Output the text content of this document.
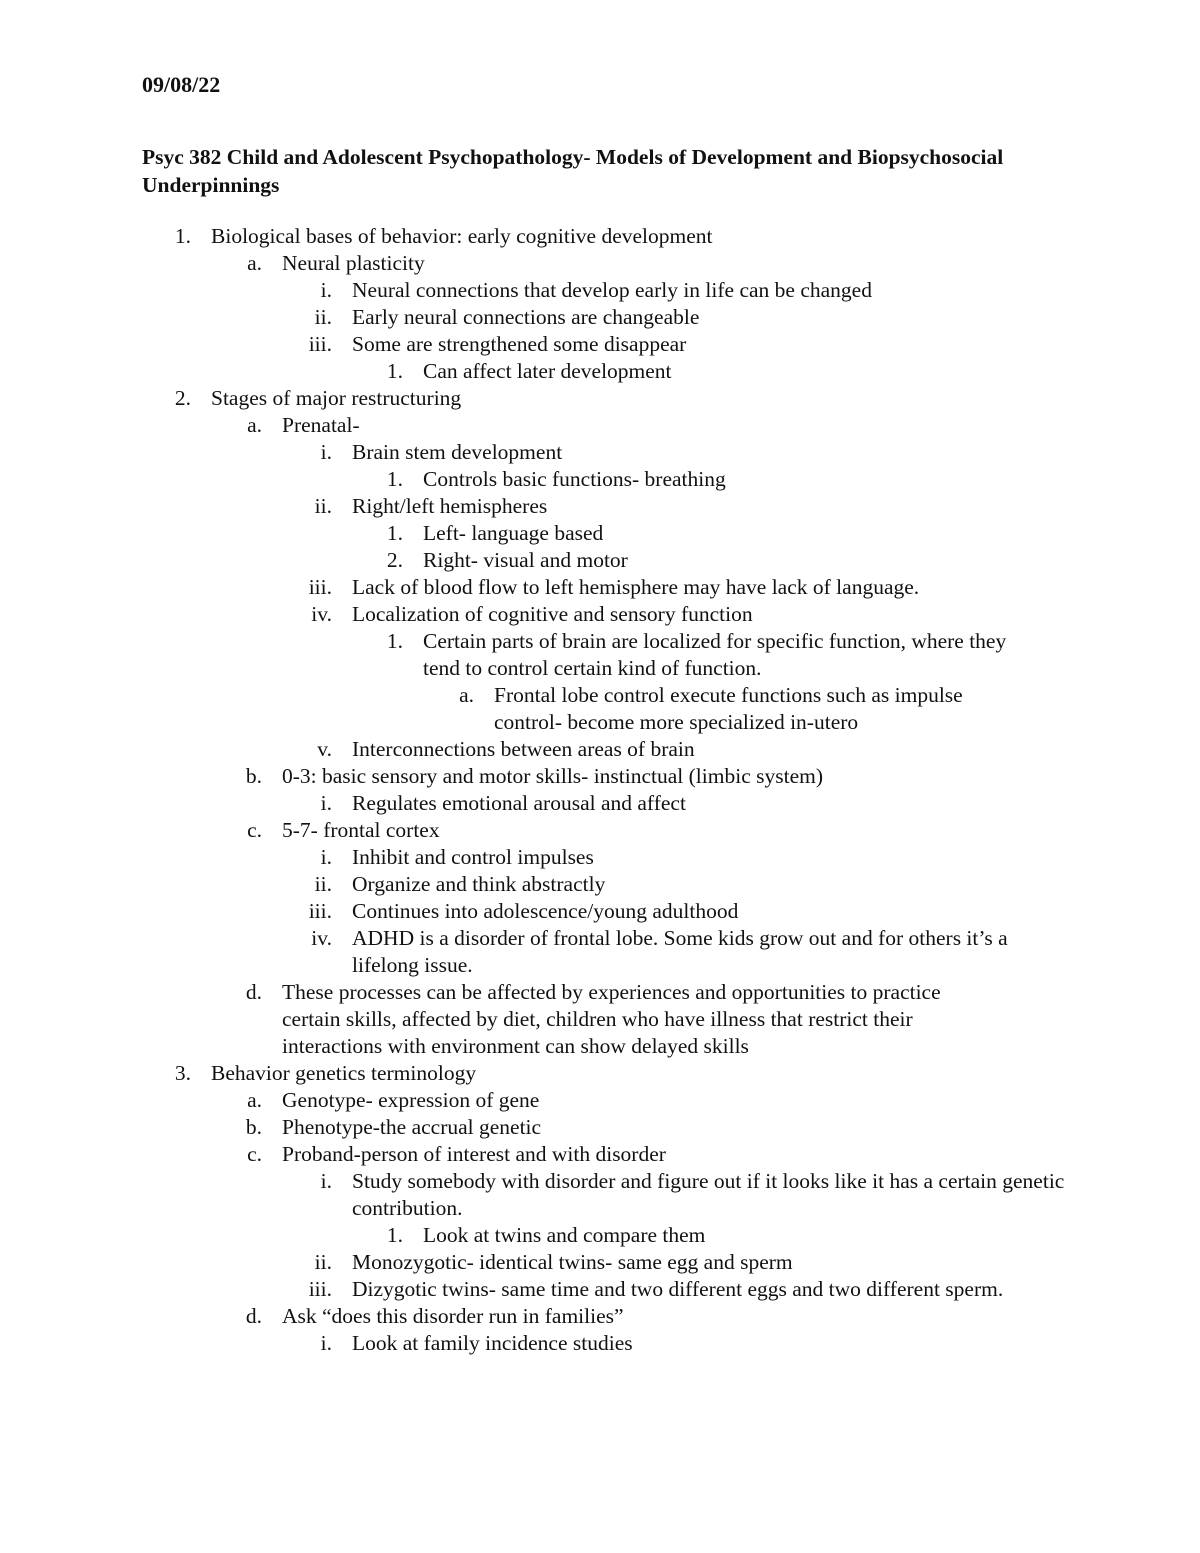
09/08/22
Psyc 382 Child and Adolescent Psychopathology- Models of Development and Biopsychosocial Underpinnings
1. Biological bases of behavior: early cognitive development
a. Neural plasticity
i. Neural connections that develop early in life can be changed
ii. Early neural connections are changeable
iii. Some are strengthened some disappear
1. Can affect later development
2. Stages of major restructuring
a. Prenatal-
i. Brain stem development
1. Controls basic functions- breathing
ii. Right/left hemispheres
1. Left- language based
2. Right- visual and motor
iii. Lack of blood flow to left hemisphere may have lack of language.
iv. Localization of cognitive and sensory function
1. Certain parts of brain are localized for specific function, where they tend to control certain kind of function.
a. Frontal lobe control execute functions such as impulse control- become more specialized in-utero
v. Interconnections between areas of brain
b. 0-3: basic sensory and motor skills- instinctual (limbic system)
i. Regulates emotional arousal and affect
c. 5-7- frontal cortex
i. Inhibit and control impulses
ii. Organize and think abstractly
iii. Continues into adolescence/young adulthood
iv. ADHD is a disorder of frontal lobe. Some kids grow out and for others it’s a lifelong issue.
d. These processes can be affected by experiences and opportunities to practice certain skills, affected by diet, children who have illness that restrict their interactions with environment can show delayed skills
3. Behavior genetics terminology
a. Genotype- expression of gene
b. Phenotype-the accrual genetic
c. Proband-person of interest and with disorder
i. Study somebody with disorder and figure out if it looks like it has a certain genetic contribution.
1. Look at twins and compare them
ii. Monozygotic- identical twins- same egg and sperm
iii. Dizygotic twins- same time and two different eggs and two different sperm.
d. Ask “does this disorder run in families”
i. Look at family incidence studies
